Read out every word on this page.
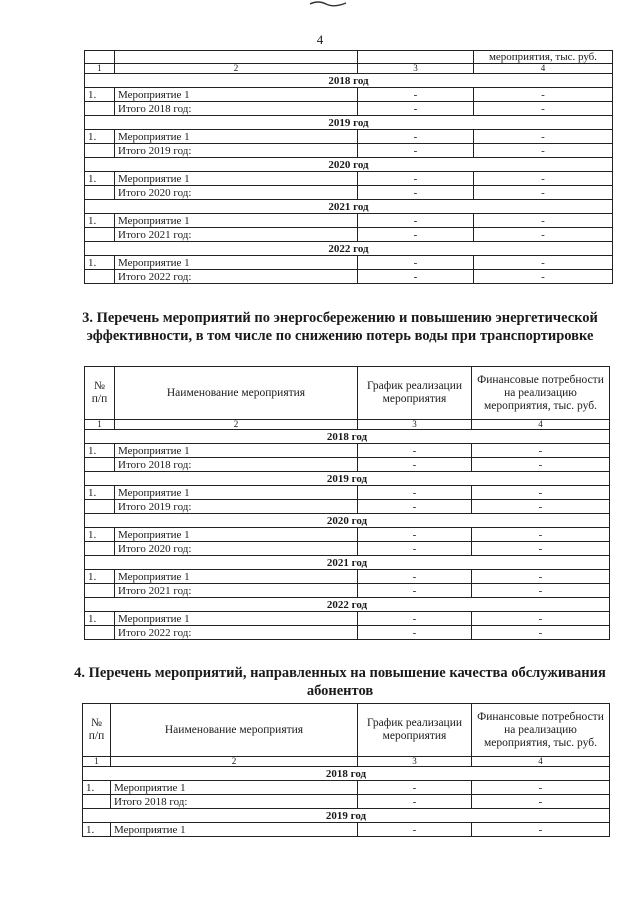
4
			мероприятия, тыс. руб.
1	2	3	4
2018 год			
1.	Мероприятие 1	-	-
	Итого 2018 год:	-	-
2019 год			
1.	Мероприятие 1	-	-
	Итого 2019 год:	-	-
2020 год			
1.	Мероприятие 1	-	-
	Итого 2020 год:	-	-
2021 год			
1.	Мероприятие 1	-	-
	Итого 2021 год:	-	-
2022 год			
1.	Мероприятие 1	-	-
	Итого 2022 год:	-	-
3. Перечень мероприятий по энергосбережению и повышению энергетической эффективности, в том числе по снижению потерь воды при транспортировке
№ п/п	Наименование мероприятия	График реализации мероприятия	Финансовые потребности на реализацию мероприятия, тыс. руб.
1	2	3	4
2018 год			
1.	Мероприятие 1	-	-
	Итого 2018 год:	-	-
2019 год			
1.	Мероприятие 1	-	-
	Итого 2019 год:	-	-
2020 год			
1.	Мероприятие 1	-	-
	Итого 2020 год:	-	-
2021 год			
1.	Мероприятие 1	-	-
	Итого 2021 год:	-	-
2022 год			
1.	Мероприятие 1	-	-
	Итого 2022 год:	-	-
4. Перечень мероприятий, направленных на повышение качества обслуживания абонентов
№ п/п	Наименование мероприятия	График реализации мероприятия	Финансовые потребности на реализацию мероприятия, тыс. руб.
1	2	3	4
2018 год			
1.	Мероприятие 1	-	-
	Итого 2018 год:	-	-
2019 год			
1.	Мероприятие 1	-	-
